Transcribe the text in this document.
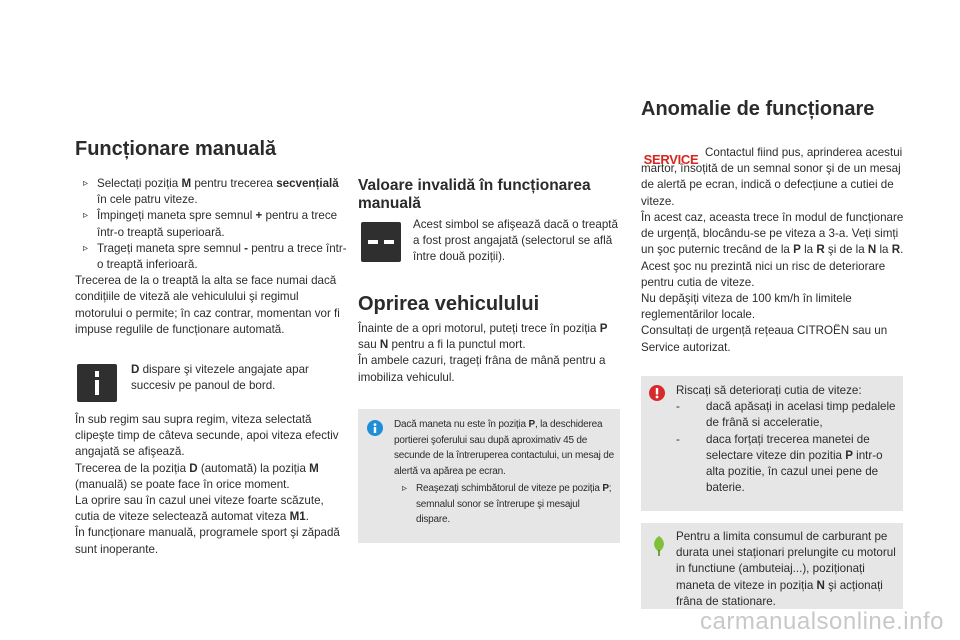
Funcționare manuală
▹ Selectați poziția M pentru trecerea secvențială în cele patru viteze.
▹ Împingeți maneta spre semnul + pentru a trece într-o treaptă superioară.
▹ Trageți maneta spre semnul - pentru a trece într-o treaptă inferioară.
Trecerea de la o treaptă la alta se face numai dacă condițiile de viteză ale vehiculului şi regimul motorului o permite; în caz contrar, momentan vor fi impuse regulile de funcționare automată.
D dispare şi vitezele angajate apar succesiv pe panoul de bord.
În sub regim sau supra regim, viteza selectată clipeşte timp de câteva secunde, apoi viteza efectiv angajată se afişează.
Trecerea de la poziția D (automată) la poziția M (manuală) se poate face în orice moment.
La oprire sau în cazul unei viteze foarte scăzute, cutia de viteze selectează automat viteza M1.
În funcționare manuală, programele sport şi zăpadă sunt inoperante.
Valoare invalidă în funcționarea manuală
Acest simbol se afişează dacă o treaptă a fost prost angajată (selectorul se află între două poziții).
Oprirea vehiculului
Înainte de a opri motorul, puteți trece în poziția P sau N pentru a fi la punctul mort.
În ambele cazuri, trageți frâna de mână pentru a imobiliza vehiculul.
Dacă maneta nu este în poziția P, la deschiderea portierei şoferului sau după aproximativ 45 de secunde de la întreruperea contactului, un mesaj de alertă va apărea pe ecran.
▹ Reaşezați schimbătorul de viteze pe poziția P; semnalul sonor se întrerupe şi mesajul dispare.
Anomalie de funcționare
SERVICE Contactul fiind pus, aprinderea acestui martor, însoțită de un semnal sonor şi de un mesaj de alertă pe ecran, indică o defecțiune a cutiei de viteze.
În acest caz, aceasta trece în modul de funcționare de urgență, blocându-se pe viteza a 3-a. Veți simți un şoc puternic trecând de la P la R şi de la N la R. Acest şoc nu prezintă nici un risc de deteriorare pentru cutia de viteze.
Nu depăşiți viteza de 100 km/h în limitele reglementărilor locale.
Consultați de urgență rețeaua CITROËN sau un Service autorizat.
Riscați să deteriorați cutia de viteze:
- dacă apăsați in acelasi timp pedalele de frână si acceleratie,
- daca forțați trecerea manetei de selectare viteze din pozitia P intr-o alta pozitie, în cazul unei pene de baterie.
Pentru a limita consumul de carburant pe durata unei staționari prelungite cu motorul in functiune (ambuteiaj...), poziționați maneta de viteze in poziția N şi acționați frâna de stationare.
carmanualsonline.info
